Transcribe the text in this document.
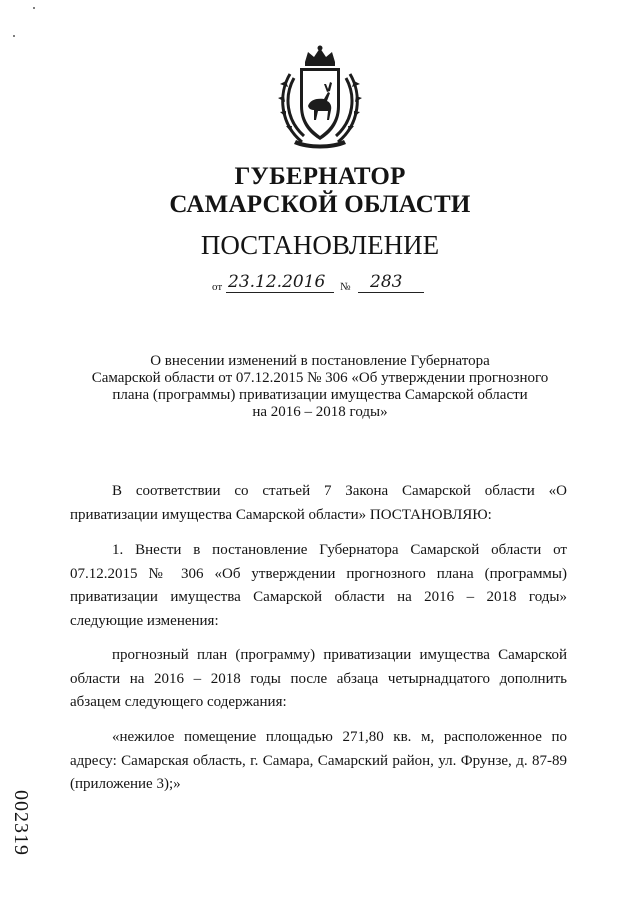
ГУБЕРНАТОР
САМАРСКОЙ ОБЛАСТИ
ПОСТАНОВЛЕНИЕ
от 23.12.2016 № 283
О внесении изменений в постановление Губернатора
Самарской области от 07.12.2015 № 306 «Об утверждении прогнозного
плана (программы) приватизации имущества Самарской области
на 2016 – 2018 годы»

В соответствии со статьей 7 Закона Самарской области «О приватизации имущества Самарской области» ПОСТАНОВЛЯЮ:

1. Внести в постановление Губернатора Самарской области от 07.12.2015 № 306 «Об утверждении прогнозного плана (программы) приватизации имущества Самарской области на 2016 – 2018 годы» следующие изменения:

прогнозный план (программу) приватизации имущества Самарской области на 2016 – 2018 годы после абзаца четырнадцатого дополнить абзацем следующего содержания:

«нежилое помещение площадью 271,80 кв. м, расположенное по адресу: Самарская область, г. Самара, Самарский район, ул. Фрунзе, д. 87-89 (приложение 3);»

002319
